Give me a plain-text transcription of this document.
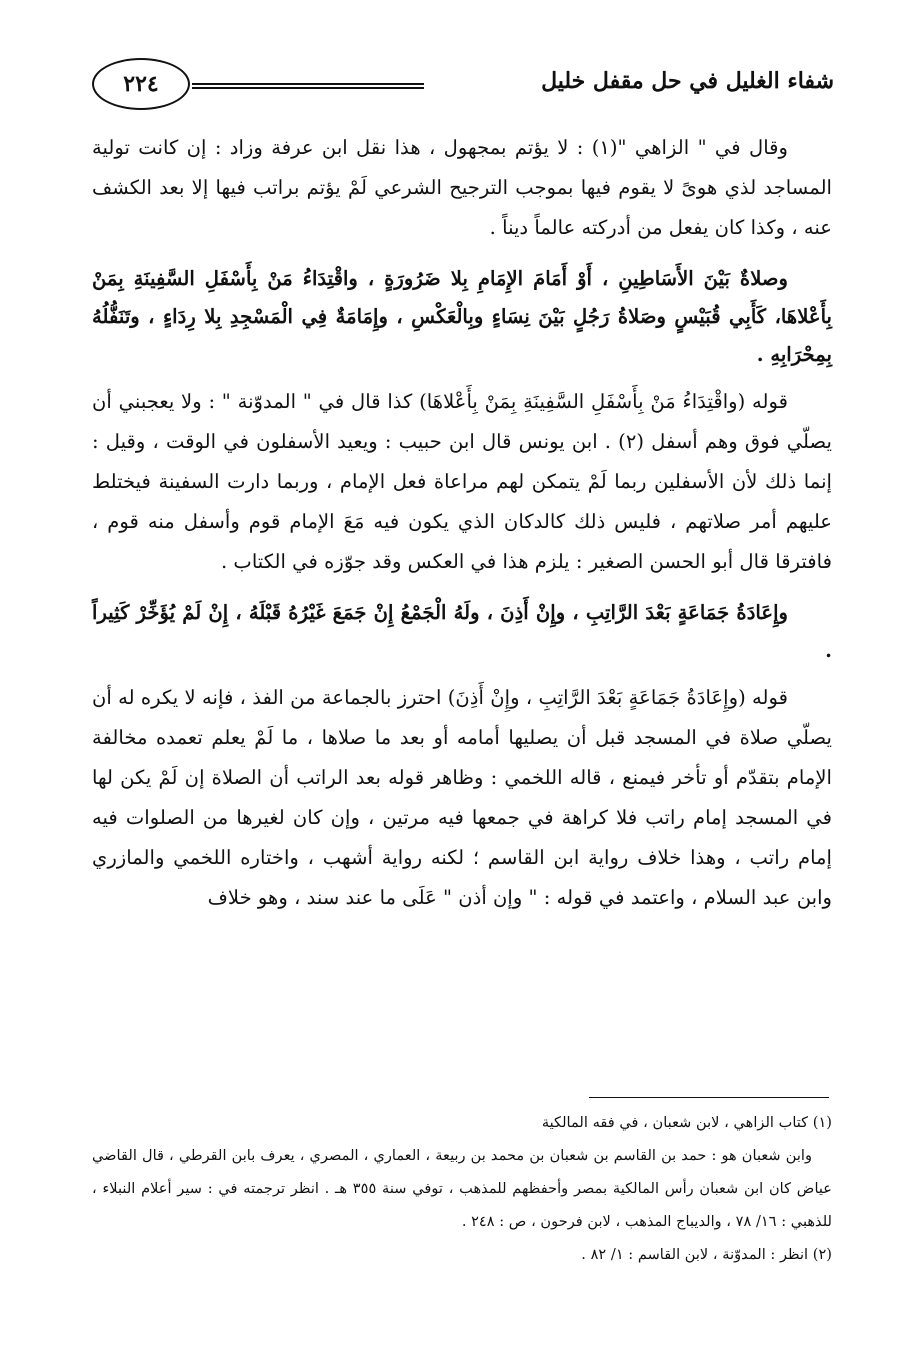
٢٢٤	شفاء الغليل في حل مقفل خليل

وقال في " الزاهي "(١) : لا يؤتم بمجهول ، هذا نقل ابن عرفة وزاد : إن كانت تولية المساجد لذي هوىً لا يقوم فيها بموجب الترجيح الشرعي لَمْ يؤتم براتب فيها إلا بعد الكشف عنه ، وكذا كان يفعل من أدركته عالماً ديناً .

وصلاةٌ بَيْنَ الأَسَاطِينِ ، أَوْ أَمَامَ الإِمَامِ بِلا ضَرُورَةٍ ، واقْتِدَاءُ مَنْ بِأَسْفَلِ السَّفِينَةِ بِمَنْ بِأَعْلاهَا، كَأَبِي قُبَيْسٍ وصَلاةُ رَجُلٍ بَيْنَ نِسَاءٍ وبِالْعَكْسِ ، وإِمَامَةٌ فِي الْمَسْجِدِ بِلا رِدَاءٍ ، وتَنَفُّلُهُ بِمِحْرَابِهِ .

قوله (واقْتِدَاءُ مَنْ بِأَسْفَلِ السَّفِينَةِ بِمَنْ بِأَعْلاهَا) كذا قال في " المدوّنة " : ولا يعجبني أن يصلّي فوق وهم أسفل (٢) . ابن يونس قال ابن حبيب : ويعيد الأسفلون في الوقت ، وقيل : إنما ذلك لأن الأسفلين ربما لَمْ يتمكن لهم مراعاة فعل الإمام ، وربما دارت السفينة فيختلط عليهم أمر صلاتهم ، فليس ذلك كالدكان الذي يكون فيه مَعَ الإمام قوم وأسفل منه قوم ، فافترقا قال أبو الحسن الصغير : يلزم هذا في العكس وقد جوّزه في الكتاب .

وإِعَادَةُ جَمَاعَةٍ بَعْدَ الرَّاتِبِ ، وإِنْ أَذِنَ ، ولَهُ الْجَمْعُ إِنْ جَمَعَ غَيْرُهُ قَبْلَهُ ، إِنْ لَمْ يُؤَخِّرْ كَثِيراً .

قوله (وإِعَادَةُ جَمَاعَةٍ بَعْدَ الرَّاتِبِ ، وإِنْ أَذِنَ) احترز بالجماعة من الفذ ، فإنه لا يكره له أن يصلّي صلاة في المسجد قبل أن يصليها أمامه أو بعد ما صلاها ، ما لَمْ يعلم تعمده مخالفة الإمام بتقدّم أو تأخر فيمنع ، قاله اللخمي : وظاهر قوله بعد الراتب أن الصلاة إن لَمْ يكن لها في المسجد إمام راتب فلا كراهة في جمعها فيه مرتين ، وإن كان لغيرها من الصلوات فيه إمام راتب ، وهذا خلاف رواية ابن القاسم ؛ لكنه رواية أشهب ، واختاره اللخمي والمازري وابن عبد السلام ، واعتمد في قوله : " وإن أذن " عَلَى ما عند سند ، وهو خلاف

(١) كتاب الزاهي ، لابن شعبان ، في فقه المالكية

وابن شعبان هو : حمد بن القاسم بن شعبان بن محمد بن ربيعة ، العماري ، المصري ، يعرف بابن القرطي ، قال القاضي عياض كان ابن شعبان رأس المالكية بمصر وأحفظهم للمذهب ، توفي سنة ٣٥٥ هـ . انظر ترجمته في : سير أعلام النبلاء ، للذهبي : ١٦/ ٧٨ ، والديباج المذهب ، لابن فرحون ، ص : ٢٤٨ .

(٢) انظر : المدوّنة ، لابن القاسم : ١/ ٨٢ .
